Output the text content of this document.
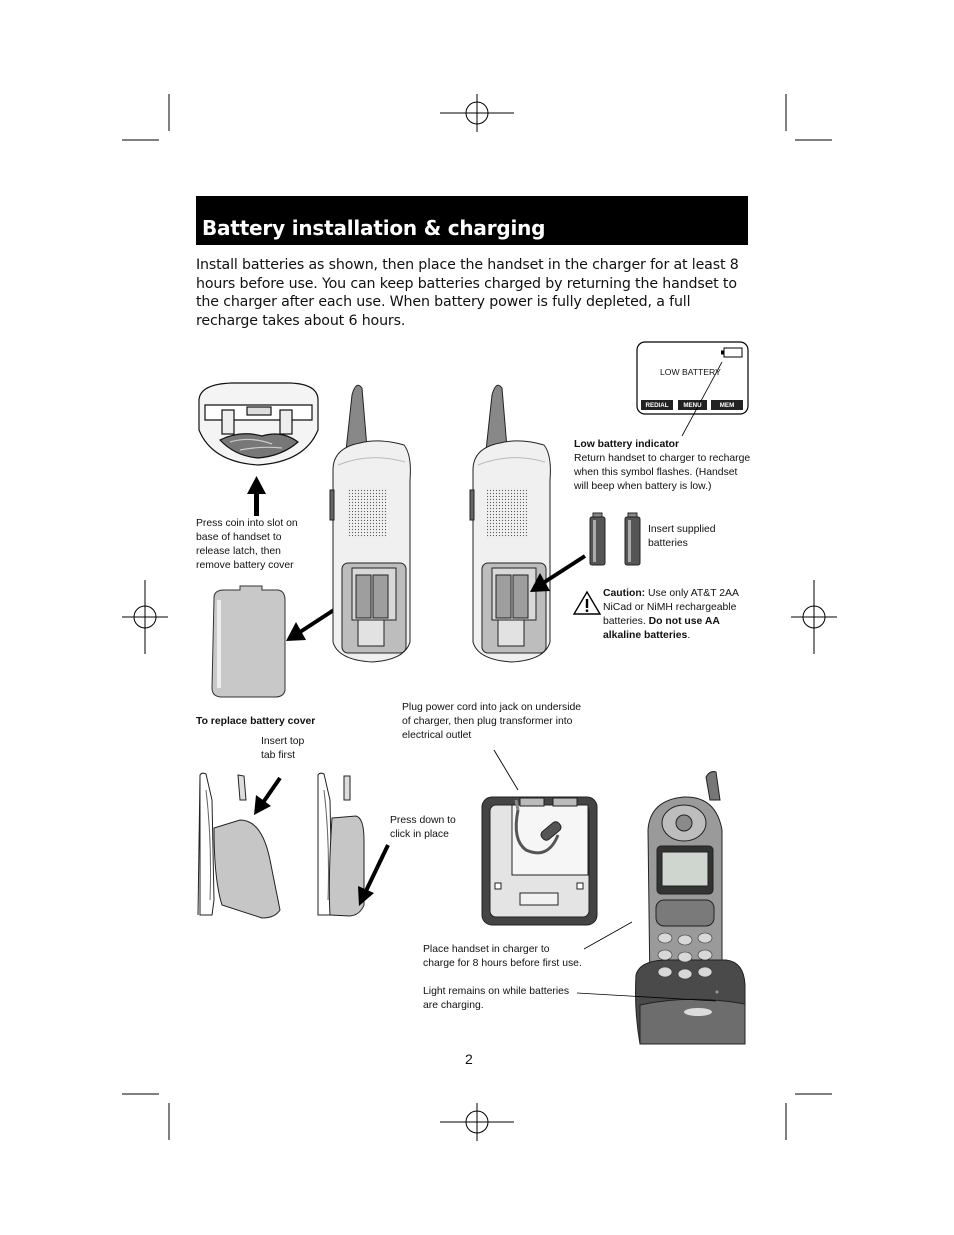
Battery installation & charging
Install batteries as shown, then place the handset in the charger for at least 8 hours before use. You can keep batteries charged by returning the handset to the charger after each use. When battery power is fully depleted, a full recharge takes about 6 hours.
LOW BATTERY
REDIAL	MENU	MEM
Low battery indicator
Return handset to charger to recharge
when this symbol flashes. (Handset
will beep when battery is low.)
Press coin into slot on
base of handset to
release latch, then
remove battery cover
Insert supplied
batteries
Caution: Use only AT&T 2AA
NiCad or NiMH rechargeable
batteries. Do not use AA
alkaline batteries.
Plug power cord into jack on underside
of charger, then plug transformer into
electrical outlet
To replace battery cover
Insert top
tab first
Press down to
click in place
Place handset in charger to
charge for 8 hours before first use.
Light remains on while batteries
are charging.
2
